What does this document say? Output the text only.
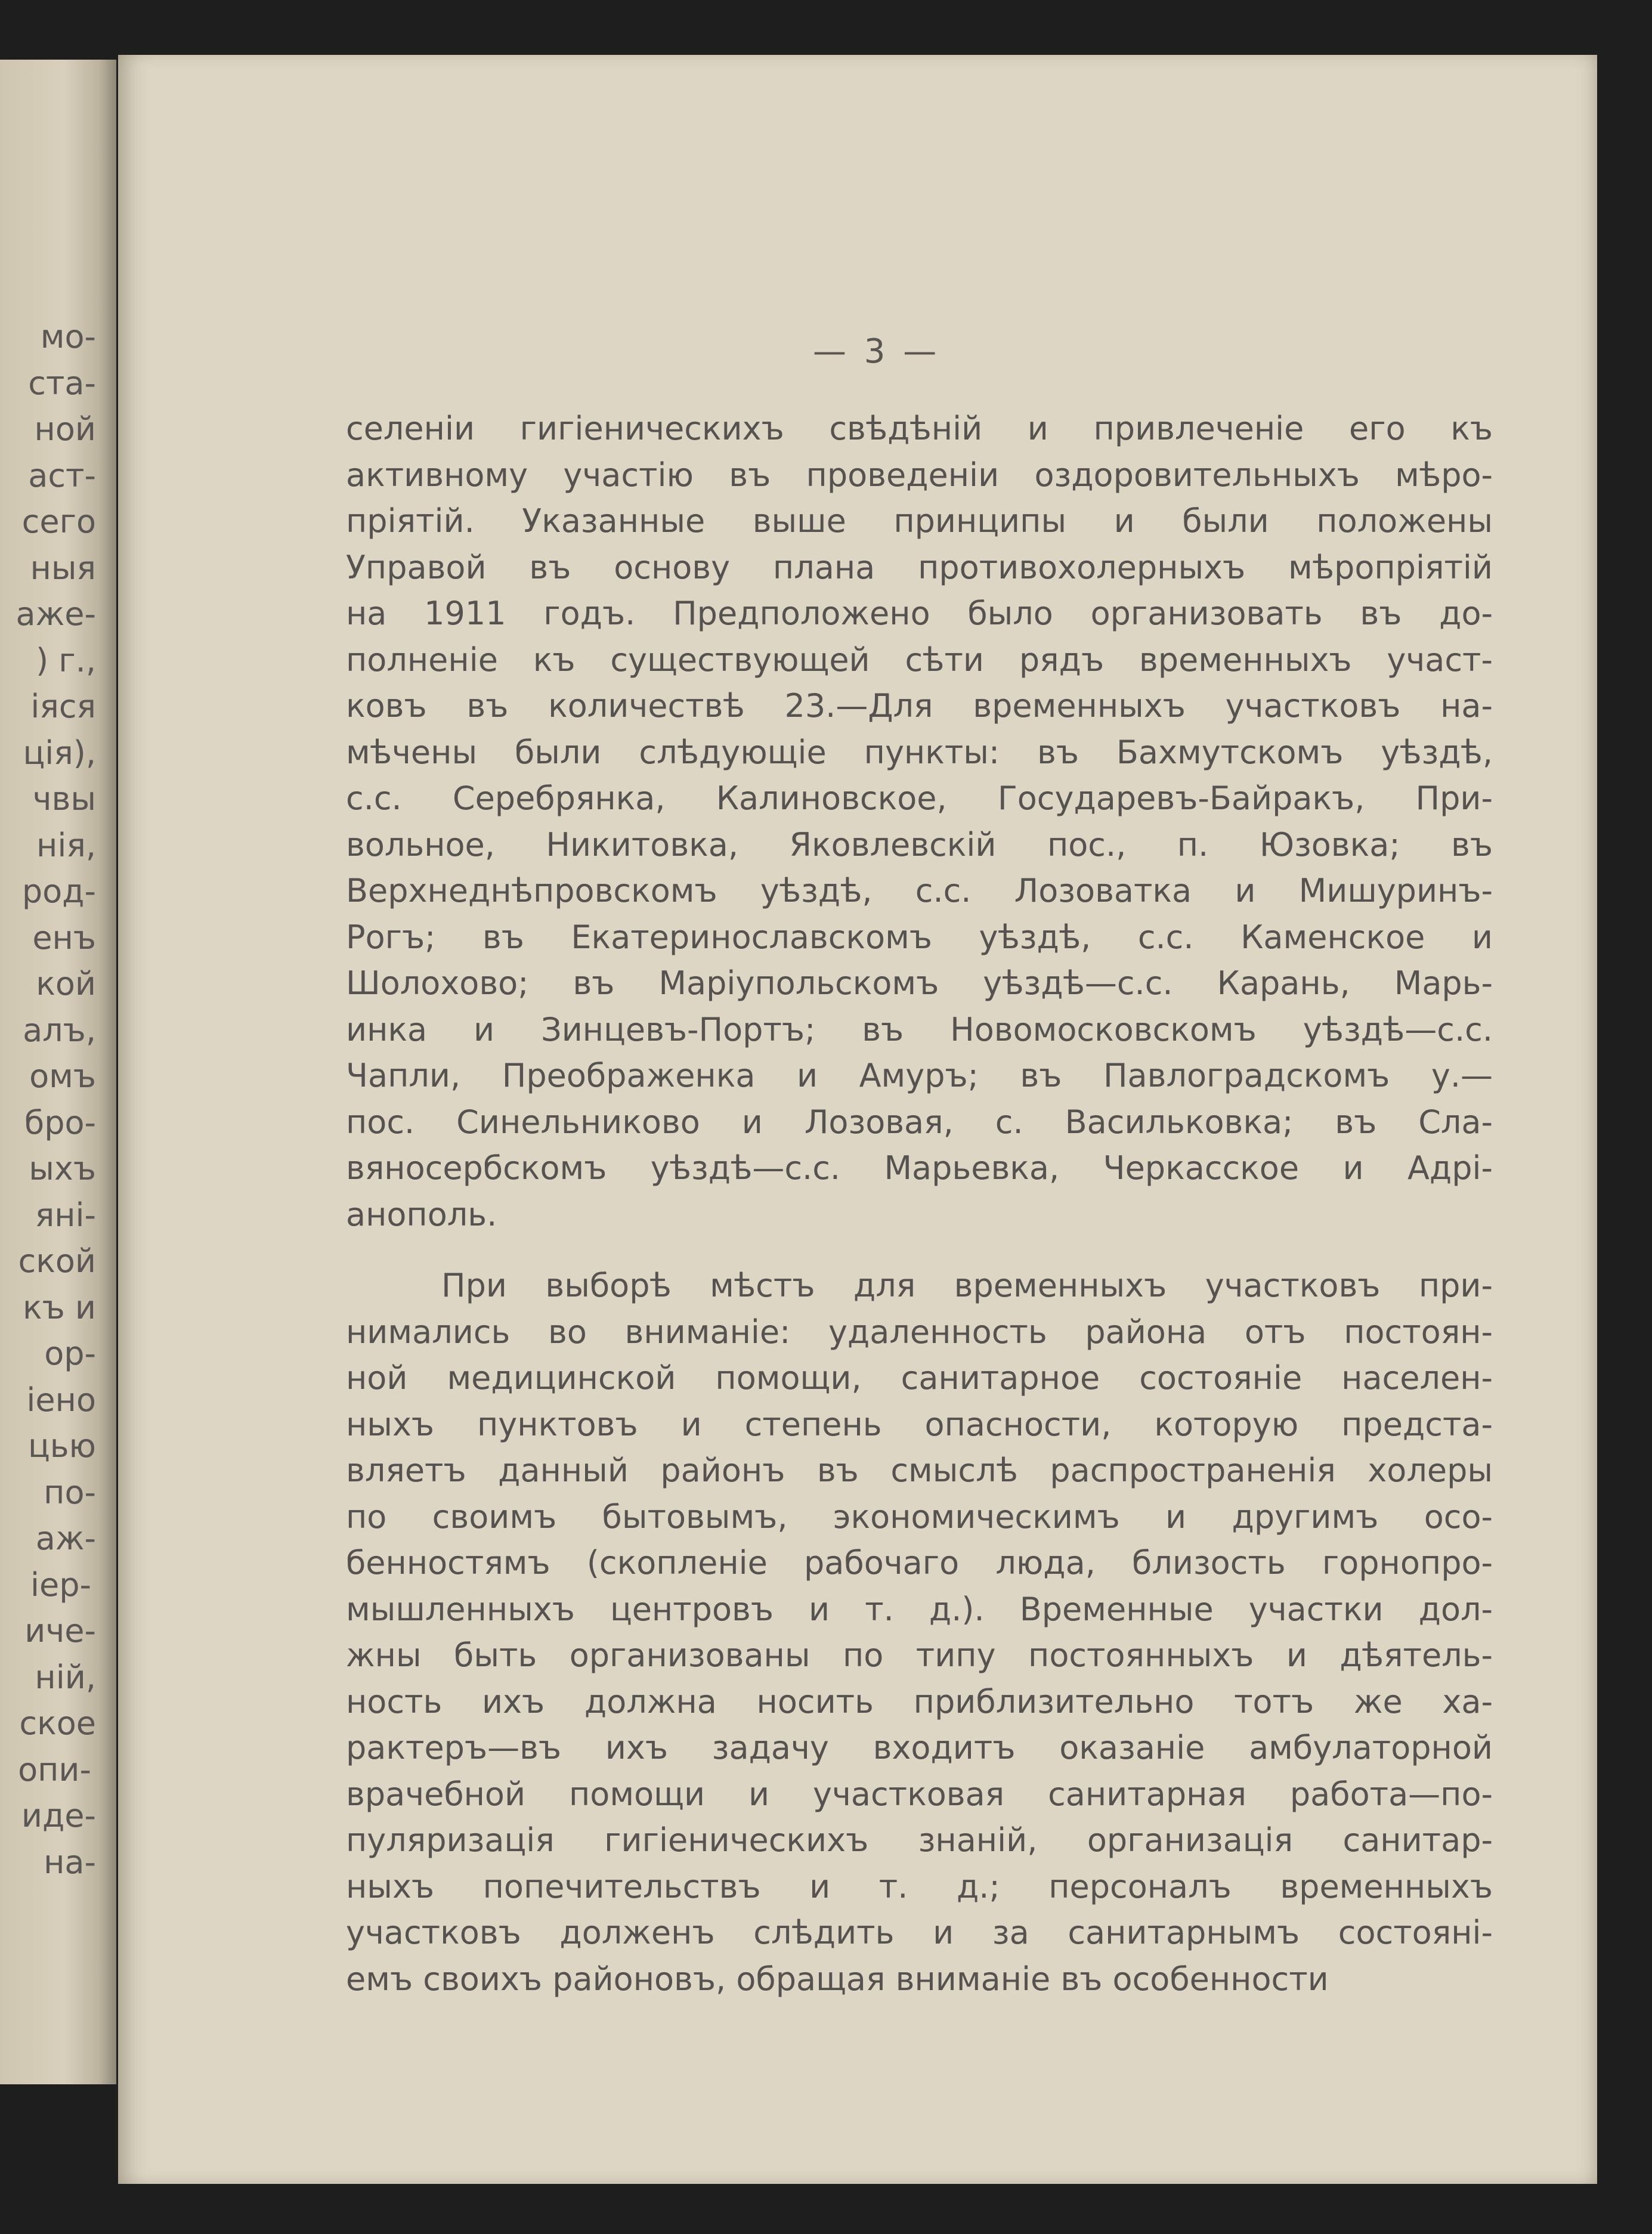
мо-
ста-
ной
аст-
сего
ныя
аже-
) г.,
іяся
ція),
чвы
нія,
род-
енъ
кой
алъ,
омъ
бро-
ыхъ
яні-
ской
къ и
ор-
іено
цью
по-
аж-
іер-
иче-
ній,
ское
опи-
иде-
на-
— 3 —
селеніи гигіеническихъ свѣдѣній и привлеченіе его къ
активному участію въ проведеніи оздоровительныхъ мѣро-
пріятій. Указанные выше принципы и были положены
Управой въ основу плана противохолерныхъ мѣропріятій
на 1911 годъ. Предположено было организовать въ до-
полненіе къ существующей сѣти рядъ временныхъ участ-
ковъ въ количествѣ 23.—Для временныхъ участковъ на-
мѣчены были слѣдующіе пункты: въ Бахмутскомъ уѣздѣ,
с.с. Серебрянка, Калиновское, Государевъ-Байракъ, При-
вольное, Никитовка, Яковлевскій пос., п. Юзовка; въ
Верхнеднѣпровскомъ уѣздѣ, с.с. Лозоватка и Мишуринъ-
Рогъ; въ Екатеринославскомъ уѣздѣ, с.с. Каменское и
Шолохово; въ Маріупольскомъ уѣздѣ—с.с. Карань, Марь-
инка и Зинцевъ-Портъ; въ Новомосковскомъ уѣздѣ—с.с.
Чапли, Преображенка и Амуръ; въ Павлоградскомъ у.—
пос. Синельниково и Лозовая, с. Васильковка; въ Сла-
вяносербскомъ уѣздѣ—с.с. Марьевка, Черкасское и Адрі-
анополь.
При выборѣ мѣстъ для временныхъ участковъ при-
нимались во вниманіе: удаленность района отъ постоян-
ной медицинской помощи, санитарное состояніе населен-
ныхъ пунктовъ и степень опасности, которую предста-
вляетъ данный районъ въ смыслѣ распространенія холеры
по своимъ бытовымъ, экономическимъ и другимъ осо-
бенностямъ (скопленіе рабочаго люда, близость горнопро-
мышленныхъ центровъ и т. д.). Временные участки дол-
жны быть организованы по типу постоянныхъ и дѣятель-
ность ихъ должна носить приблизительно тотъ же ха-
рактеръ—въ ихъ задачу входитъ оказаніе амбулаторной
врачебной помощи и участковая санитарная работа—по-
пуляризація гигіеническихъ знаній, организація санитар-
ныхъ попечительствъ и т. д.; персоналъ временныхъ
участковъ долженъ слѣдить и за санитарнымъ состояні-
емъ своихъ районовъ, обращая вниманіе въ особенности
